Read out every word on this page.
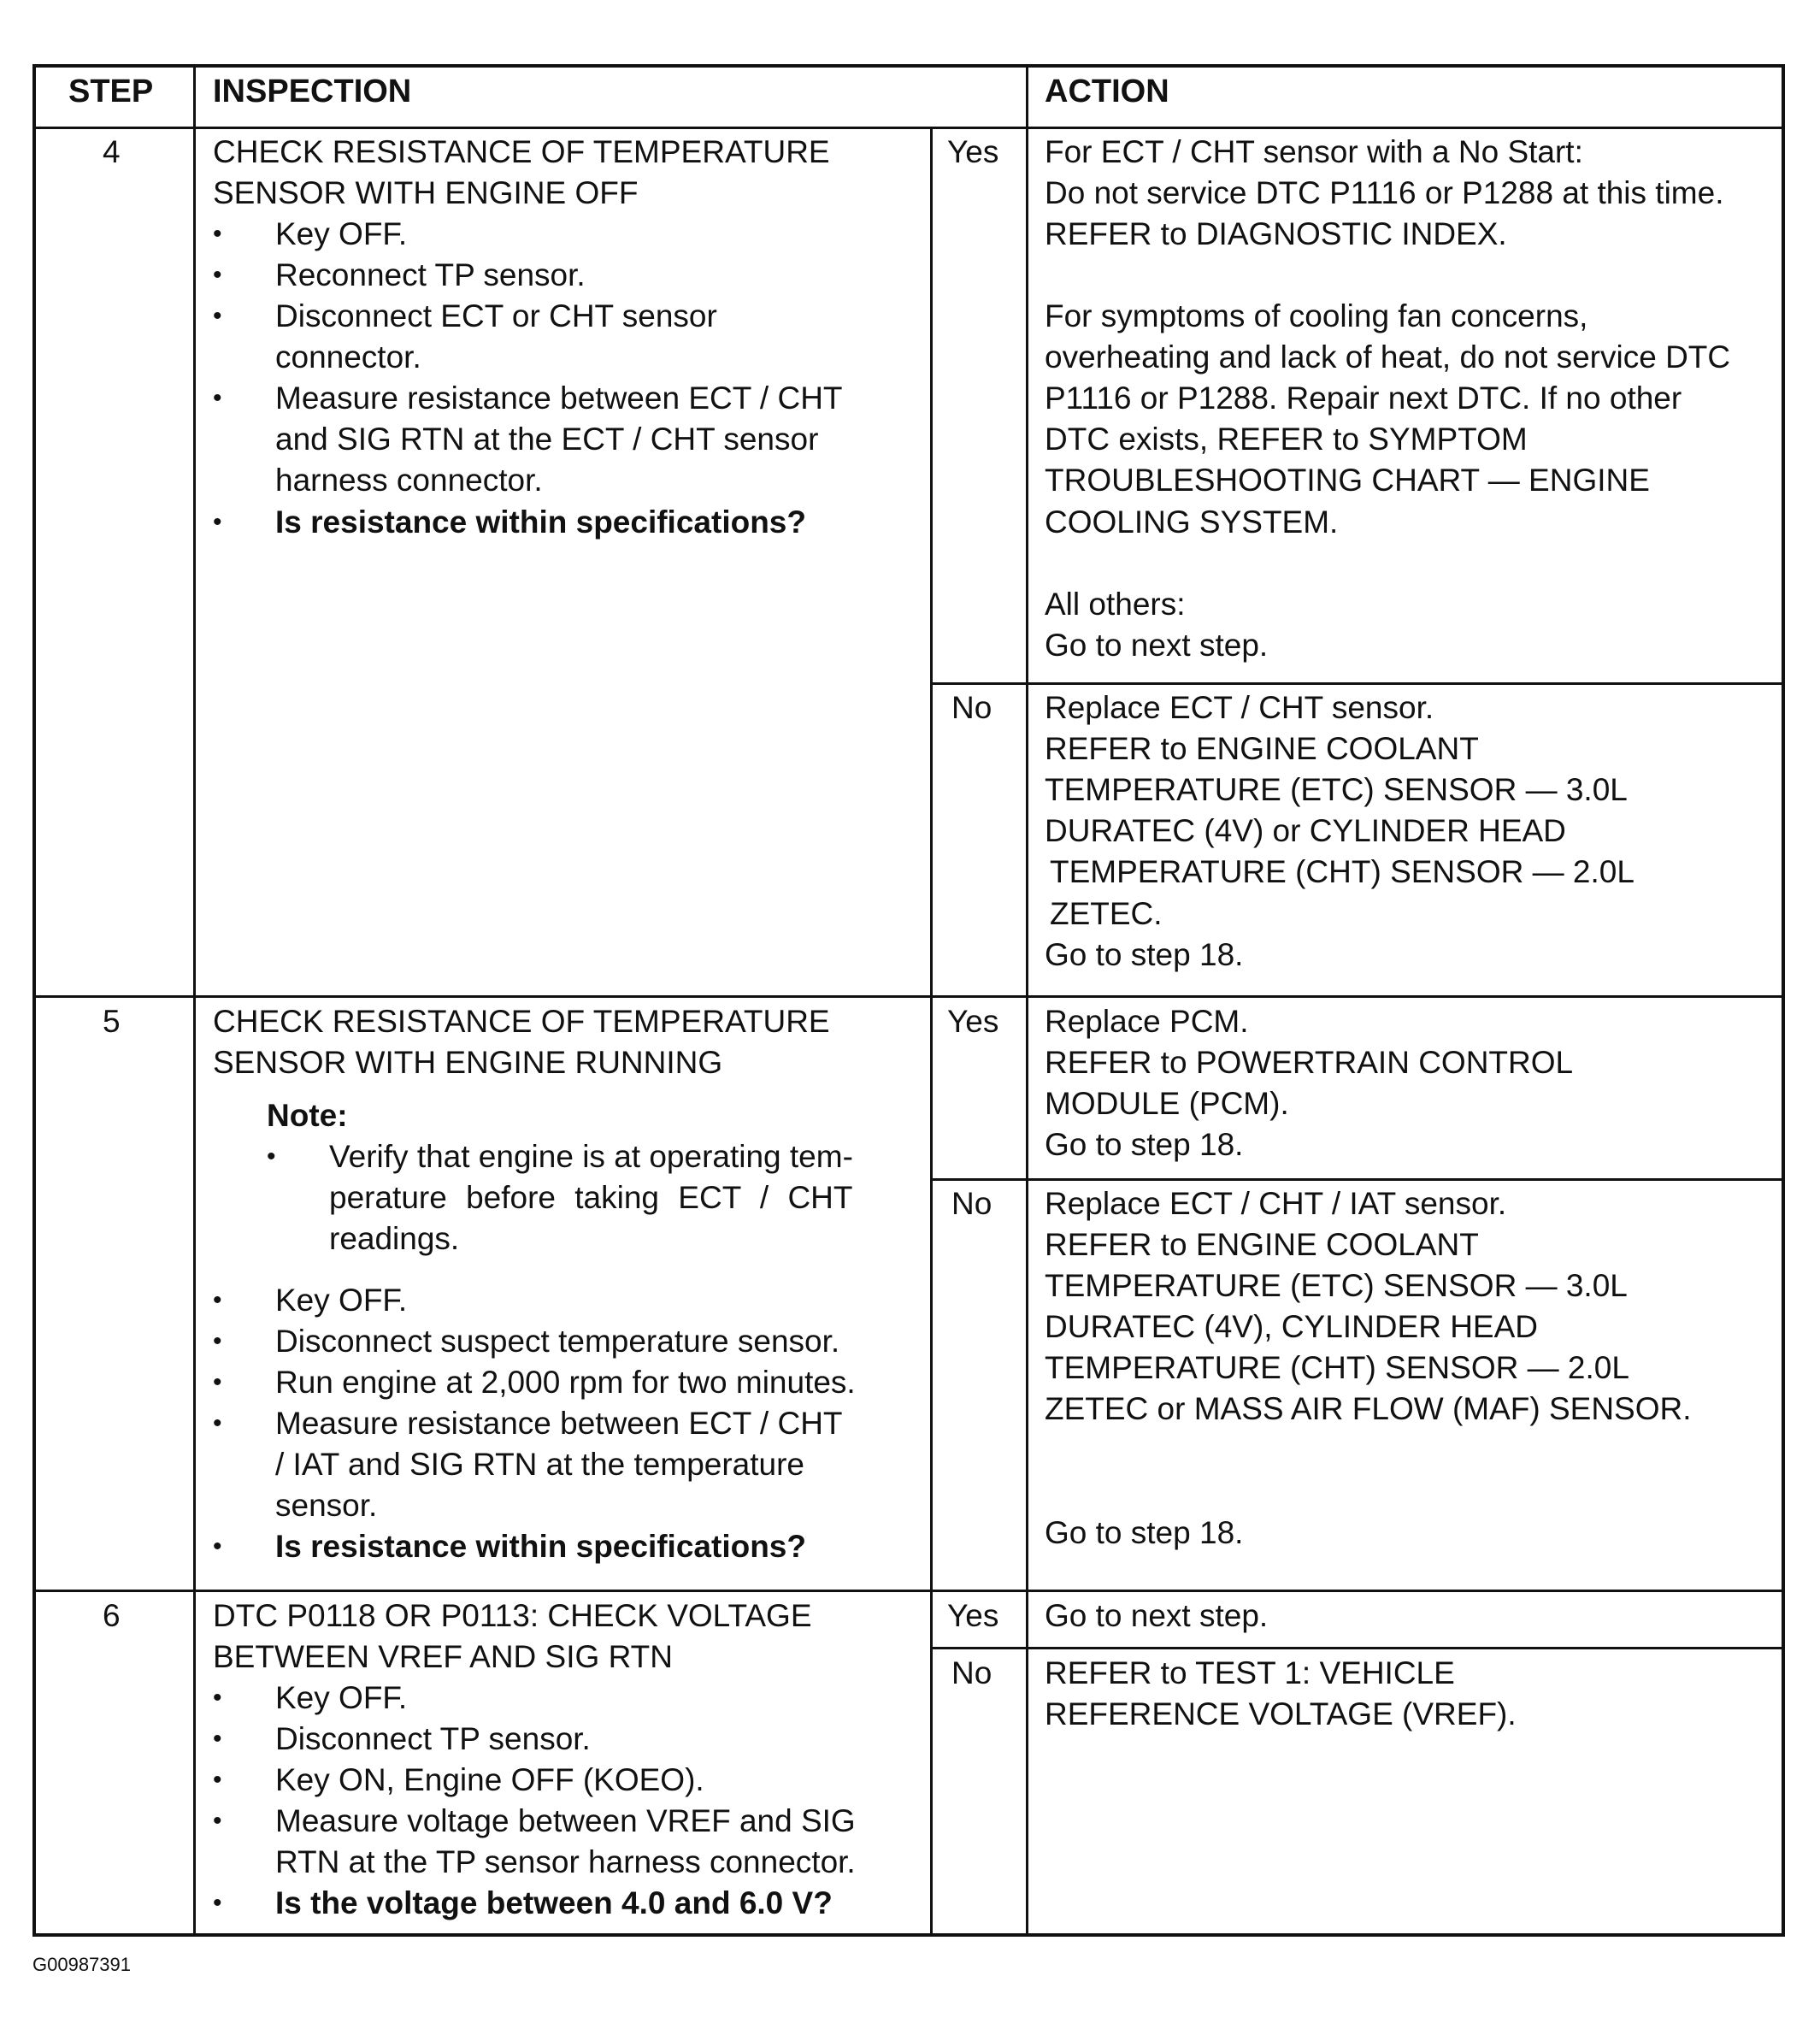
STEP INSPECTION	ACTION
4	CHECK RESISTANCE OF TEMPERATURE
SENSOR WITH ENGINE OFF
• Key OFF.
• Reconnect TP sensor.
• Disconnect ECT or CHT sensor
connector.
• Measure resistance between ECT / CHT
and SIG RTN at the ECT / CHT sensor
harness connector.
• Is resistance within specifications?
Yes For ECT / CHT sensor with a No Start:
Do not service DTC P1116 or P1288 at this time.
REFER to DIAGNOSTIC INDEX.
For symptoms of cooling fan concerns,
overheating and lack of heat, do not service DTC
P1116 or P1288. Repair next DTC. If no other
DTC exists, REFER to SYMPTOM
TROUBLESHOOTING CHART — ENGINE
COOLING SYSTEM.
All others:
Go to next step.
No Replace ECT / CHT sensor.
REFER to ENGINE COOLANT
TEMPERATURE (ETC) SENSOR — 3.0L
DURATEC (4V) or CYLINDER HEAD
TEMPERATURE (CHT) SENSOR — 2.0L
ZETEC.
Go to step 18.
5	CHECK RESISTANCE OF TEMPERATURE
SENSOR WITH ENGINE RUNNING
Note:
• Verify that engine is at operating tem-
perature before taking ECT / CHT
readings.
• Key OFF.
• Disconnect suspect temperature sensor.
• Run engine at 2,000 rpm for two minutes.
• Measure resistance between ECT / CHT
/ IAT and SIG RTN at the temperature
sensor.
• Is resistance within specifications?
Yes Replace PCM.
REFER to POWERTRAIN CONTROL
MODULE (PCM).
Go to step 18.
No Replace ECT / CHT / IAT sensor.
REFER to ENGINE COOLANT
TEMPERATURE (ETC) SENSOR — 3.0L
DURATEC (4V), CYLINDER HEAD
TEMPERATURE (CHT) SENSOR — 2.0L
ZETEC or MASS AIR FLOW (MAF) SENSOR.
Go to step 18.
6	DTC P0118 OR P0113: CHECK VOLTAGE
BETWEEN VREF AND SIG RTN
• Key OFF.
• Disconnect TP sensor.
• Key ON, Engine OFF (KOEO).
• Measure voltage between VREF and SIG
RTN at the TP sensor harness connector.
• Is the voltage between 4.0 and 6.0 V?
Yes Go to next step.
No REFER to TEST 1: VEHICLE
REFERENCE VOLTAGE (VREF).
G00987391
